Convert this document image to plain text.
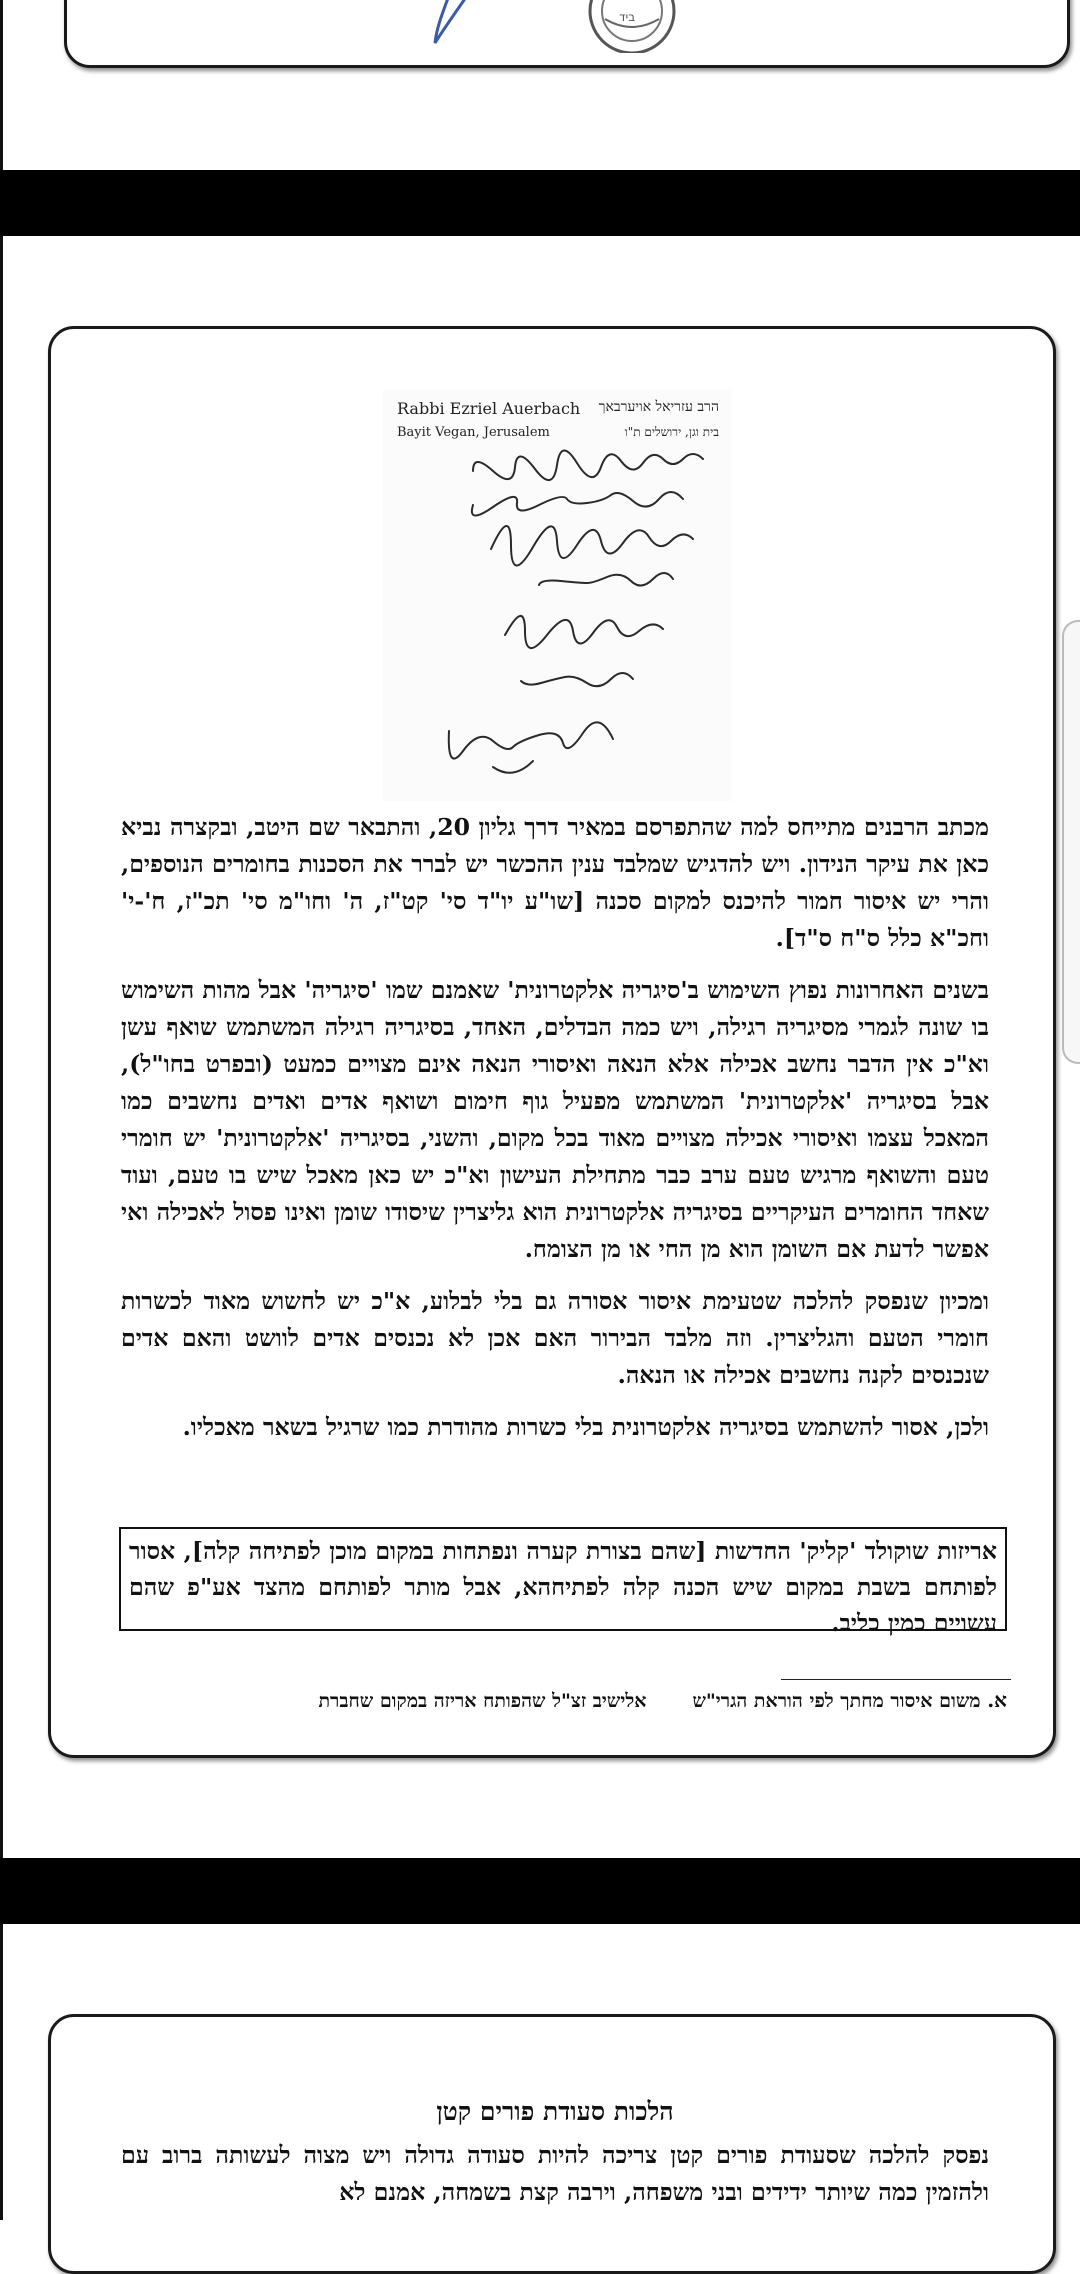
ביד
Rabbi Ezriel Auerbach
Bayit Vegan, Jerusalem
הרב עזריאל אויערבאך
בית וגן, ירושלים ת"ו

מכתב הרבנים מתייחס למה שהתפרסם במאיר דרך גליון 20, והתבאר שם היטב, ובקצרה נביא כאן את עיקר הנידון. ויש להדגיש שמלבד ענין ההכשר יש לברר את הסכנות בחומרים הנוספים, והרי יש איסור חמור להיכנס למקום סכנה [שו"ע יו"ד סי' קט"ז, ה' וחו"מ סי' תכ"ז, ח'-י' וחכ"א כלל ס"ח ס"ד].

בשנים האחרונות נפוץ השימוש ב'סיגריה אלקטרונית' שאמנם שמו 'סיגריה' אבל מהות השימוש בו שונה לגמרי מסיגריה רגילה, ויש כמה הבדלים, האחד, בסיגריה רגילה המשתמש שואף עשן וא"כ אין הדבר נחשב אכילה אלא הנאה ואיסורי הנאה אינם מצויים כמעט (ובפרט בחו"ל), אבל בסיגריה 'אלקטרונית' המשתמש מפעיל גוף חימום ושואף אדים ואדים נחשבים כמו המאכל עצמו ואיסורי אכילה מצויים מאוד בכל מקום, והשני, בסיגריה 'אלקטרונית' יש חומרי טעם והשואף מרגיש טעם ערב כבר מתחילת העישון וא"כ יש כאן מאכל שיש בו טעם, ועוד שאחד החומרים העיקריים בסיגריה אלקטרונית הוא גליצרין שיסודו שומן ואינו פסול לאכילה ואי אפשר לדעת אם השומן הוא מן החי או מן הצומח.

ומכיון שנפסק להלכה שטעימת איסור אסורה גם בלי לבלוע, א"כ יש לחשוש מאוד לכשרות חומרי הטעם והגליצרין. וזה מלבד הבירור האם אכן לא נכנסים אדים לוושט והאם אדים שנכנסים לקנה נחשבים אכילה או הנאה.

ולכן, אסור להשתמש בסיגריה אלקטרונית בלי כשרות מהודרת כמו שרגיל בשאר מאכליו.

אריזות שוקולד 'קליק' החדשות [שהם בצורת קערה ונפתחות במקום מוכן לפתיחה קלה], אסור לפותחם בשבת במקום שיש הכנה קלה לפתיחהא, אבל מותר לפותחם מהצד אע"פ שהם עשויים כמין כליב.
א. משום איסור מחתך לפי הוראת הגרי"שאלישיב זצ"ל שהפותח אריזה במקום שחברת
הלכות סעודת פורים קטן
נפסק להלכה שסעודת פורים קטן צריכה להיות סעודה גדולה ויש מצוה לעשותה ברוב עם ולהזמין כמה שיותר ידידים ובני משפחה, וירבה קצת בשמחה, אמנם לא
